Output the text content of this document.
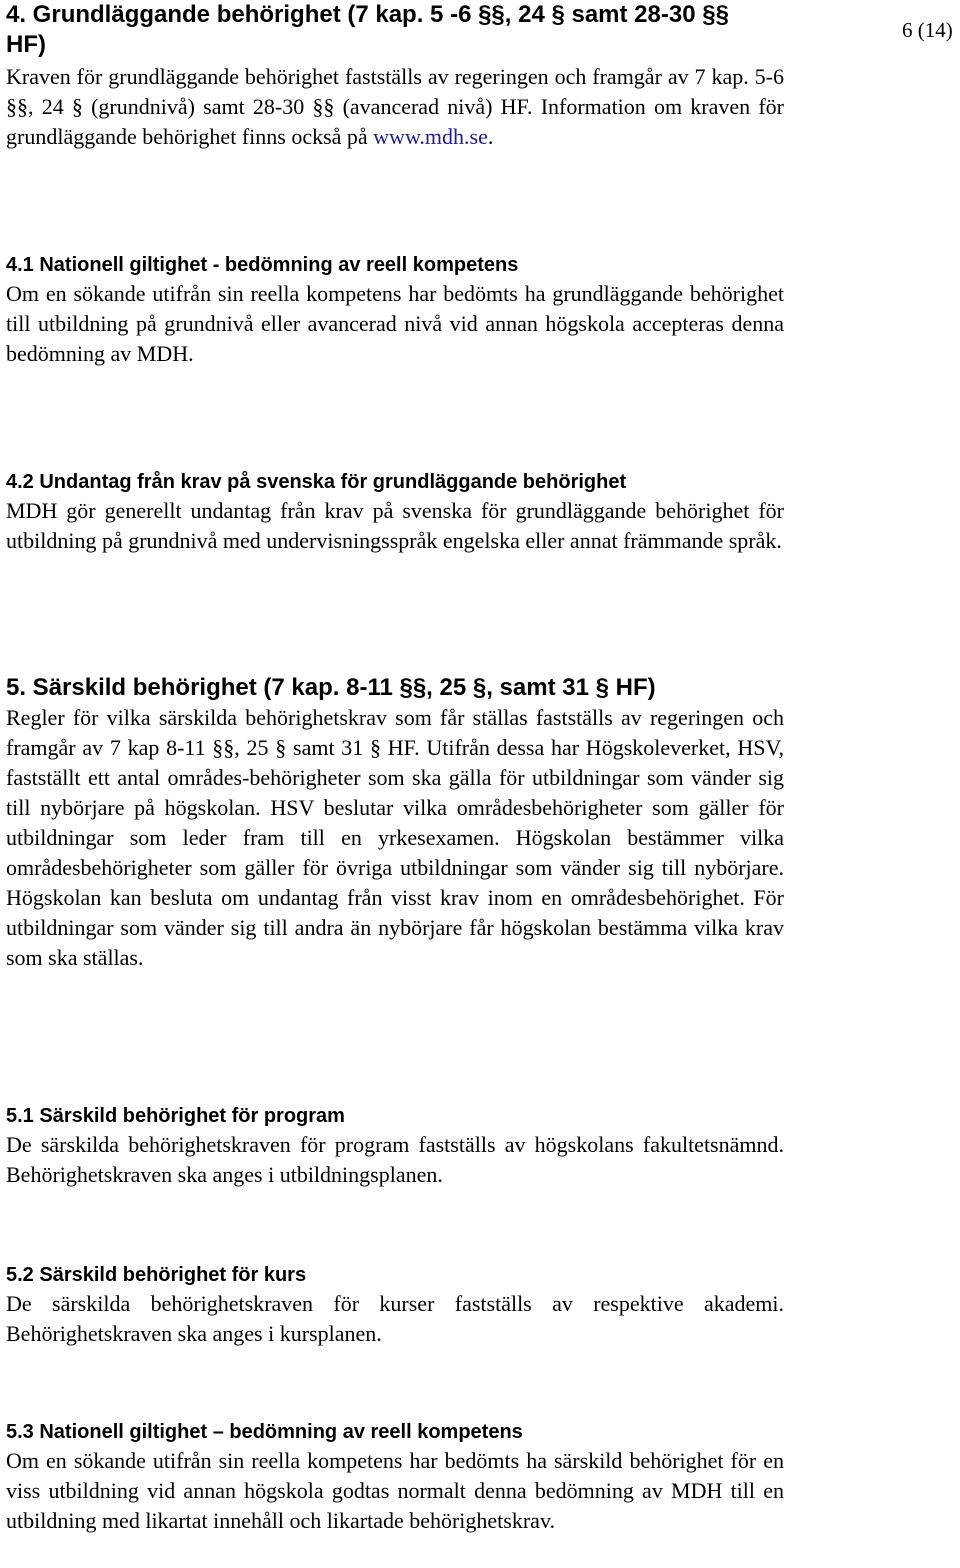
6 (14)
4. Grundläggande behörighet (7 kap. 5 -6 §§, 24 § samt 28-30 §§ HF)

Kraven för grundläggande behörighet fastställs av regeringen och framgår av 7 kap. 5-6 §§, 24 § (grundnivå) samt 28-30 §§ (avancerad nivå) HF. Information om kraven för grundläggande behörighet finns också på www.mdh.se.

4.1 Nationell giltighet - bedömning av reell kompetens

Om en sökande utifrån sin reella kompetens har bedömts ha grundläggande behörighet till utbildning på grundnivå eller avancerad nivå vid annan högskola accepteras denna bedömning av MDH.

4.2 Undantag från krav på svenska för grundläggande behörighet

MDH gör generellt undantag från krav på svenska för grundläggande behörighet för utbildning på grundnivå med undervisningsspråk engelska eller annat främmande språk.

5. Särskild behörighet (7 kap. 8-11 §§, 25 §, samt 31 § HF)

Regler för vilka särskilda behörighetskrav som får ställas fastställs av regeringen och framgår av 7 kap 8-11 §§, 25 § samt 31 § HF. Utifrån dessa har Högskoleverket, HSV, fastställt ett antal områdes-behörigheter som ska gälla för utbildningar som vänder sig till nybörjare på högskolan. HSV beslutar vilka områdesbehörigheter som gäller för utbildningar som leder fram till en yrkesexamen. Högskolan bestämmer vilka områdesbehörigheter som gäller för övriga utbildningar som vänder sig till nybörjare. Högskolan kan besluta om undantag från visst krav inom en områdesbehörighet. För utbildningar som vänder sig till andra än nybörjare får högskolan bestämma vilka krav som ska ställas.

5.1 Särskild behörighet för program

De särskilda behörighetskraven för program fastställs av högskolans fakultetsnämnd. Behörighetskraven ska anges i utbildningsplanen.

5.2 Särskild behörighet för kurs

De särskilda behörighetskraven för kurser fastställs av respektive akademi. Behörighetskraven ska anges i kursplanen.

5.3 Nationell giltighet – bedömning av reell kompetens

Om en sökande utifrån sin reella kompetens har bedömts ha särskild behörighet för en viss utbildning vid annan högskola godtas normalt denna bedömning av MDH till en utbildning med likartat innehåll och likartade behörighetskrav.
